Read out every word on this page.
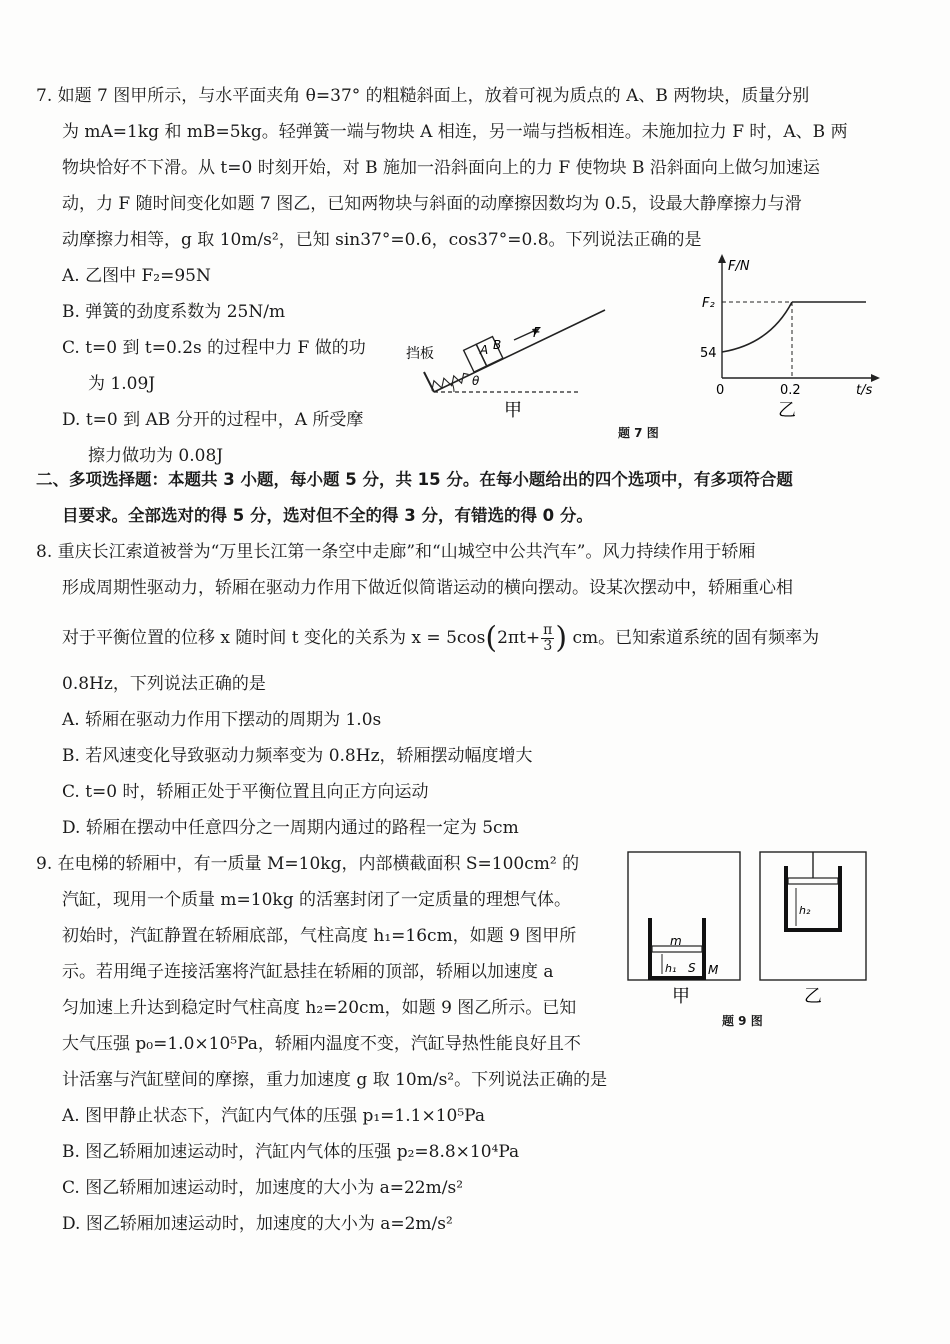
7. 如题 7 图甲所示，与水平面夹角 θ=37° 的粗糙斜面上，放着可视为质点的 A、B 两物块，质量分别
为 mA=1kg 和 mB=5kg。轻弹簧一端与物块 A 相连，另一端与挡板相连。未施加拉力 F 时，A、B 两
物块恰好不下滑。从 t=0 时刻开始，对 B 施加一沿斜面向上的力 F 使物块 B 沿斜面向上做匀加速运
动，力 F 随时间变化如题 7 图乙，已知两物块与斜面的动摩擦因数均为 0.5，设最大静摩擦力与滑
动摩擦力相等，g 取 10m/s²，已知 sin37°=0.6，cos37°=0.8。下列说法正确的是
A. 乙图中 F₂=95N
B. 弹簧的劲度系数为 25N/m
C. t=0 到 t=0.2s 的过程中力 F 做的功
为 1.09J
D. t=0 到 AB 分开的过程中，A 所受摩
擦力做功为 0.08J
挡板	A B
F
θ
甲
F/N
t/s
F₂
54
0	0.2
乙
题 7 图
二、多项选择题：本题共 3 小题，每小题 5 分，共 15 分。在每小题给出的四个选项中，有多项符合题
目要求。全部选对的得 5 分，选对但不全的得 3 分，有错选的得 0 分。
8. 重庆长江索道被誉为“万里长江第一条空中走廊”和“山城空中公共汽车”。风力持续作用于轿厢
形成周期性驱动力，轿厢在驱动力作用下做近似简谐运动的横向摆动。设某次摆动中，轿厢重心相
对于平衡位置的位移 x 随时间 t 变化的关系为 $x = 5\cos(2\pi t+ \frac{\pi}{3}$ ) cm。已知索道系统的固有频率为
0.8Hz，下列说法正确的是
A. 轿厢在驱动力作用下摆动的周期为 1.0s
B. 若风速变化导致驱动力频率变为 0.8Hz，轿厢摆动幅度增大
C. t=0 时，轿厢正处于平衡位置且向正方向运动
D. 轿厢在摆动中任意四分之一周期内通过的路程一定为 5cm
9. 在电梯的轿厢中，有一质量 M=10kg，内部横截面积 S=100cm² 的
汽缸，现用一个质量 m=10kg 的活塞封闭了一定质量的理想气体。
初始时，汽缸静置在轿厢底部，气柱高度 h₁=16cm，如题 9 图甲所
示。若用绳子连接活塞将汽缸悬挂在轿厢的顶部，轿厢以加速度 a
匀加速上升达到稳定时气柱高度 h₂=20cm，如题 9 图乙所示。已知
大气压强 p₀=1.0×10⁵Pa，轿厢内温度不变，汽缸导热性能良好且不
计活塞与汽缸壁间的摩擦，重力加速度 g 取 10m/s²。下列说法正确的是
A. 图甲静止状态下，汽缸内气体的压强 p₁=1.1×10⁵Pa
B. 图乙轿厢加速运动时，汽缸内气体的压强 p₂=8.8×10⁴Pa
C. 图乙轿厢加速运动时，加速度的大小为 a=22m/s²
D. 图乙轿厢加速运动时，加速度的大小为 a=2m/s²
m
h₁ S M
甲
h₂
乙
题 9 图
